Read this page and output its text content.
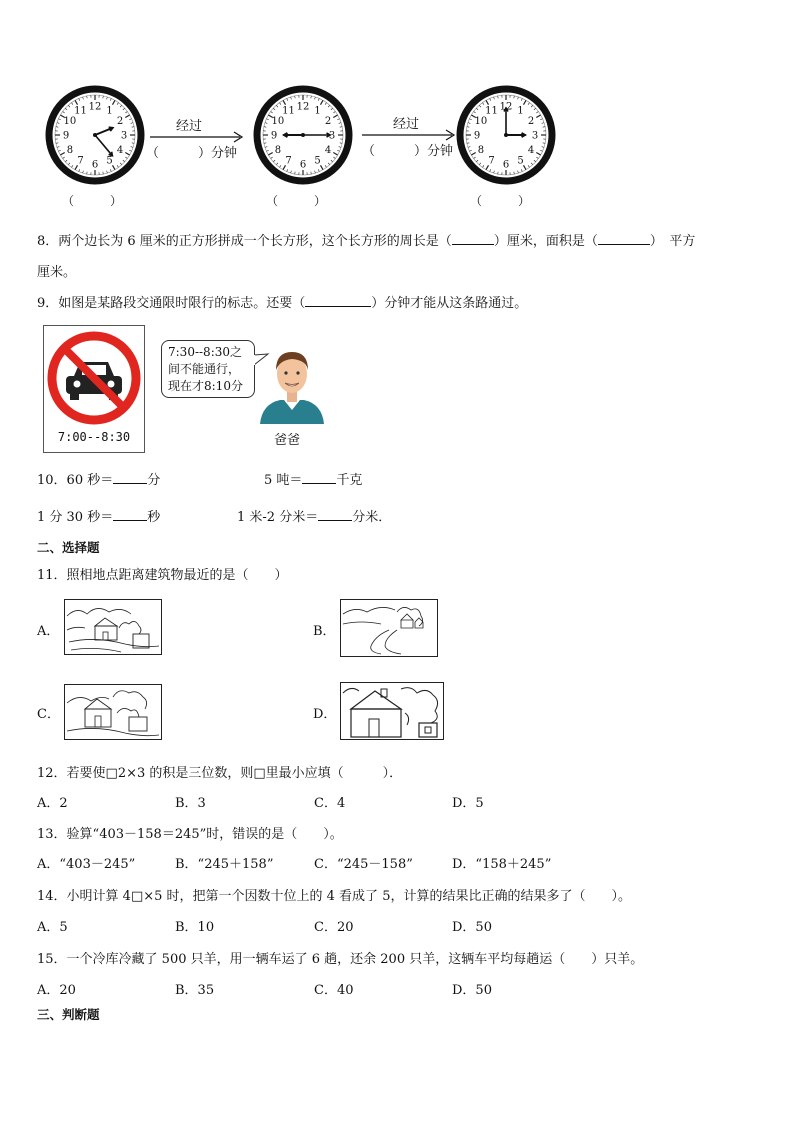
12 1
2
3
4
5
6
7
8
9
10
11	12 1
2
3
4
5
6
7
8
9
10
11	12 1
2
3
4
5
6
7
8
9
10
11
经过
（　　　）分钟
经过
（　　　）分钟
（　　　）	（　　　）	（　　　）
8．两个边长为 6 厘米的正方形拼成一个长方形，这个长方形的周长是（	）厘米，面积是（	）　平方
厘米。
9．如图是某路段交通限时限行的标志。还要（	）分钟才能从这条路通过。
7:00--8:30
7:30--8:30之
间不能通行，
现在才8:10分
爸爸
10．60 秒＝	分	5 吨＝	千克
1 分 30 秒＝	秒	1 米-2 分米＝	分米．
二、选择题
11．照相地点距离建筑物最近的是（　　）
A．	B．
C．	D．
12．若要使□2×3 的积是三位数，则□里最小应填（　　　）．
A．2	B．3	C．4	D．5
13．验算“403－158＝245”时，错误的是（　　）。
A．“403－245”	B．“245＋158”	C．“245－158”	D．“158＋245”
14．小明计算 4□×5 时，把第一个因数十位上的 4 看成了 5，计算的结果比正确的结果多了（　　）。
A．5	B．10	C．20	D．50
15．一个冷库冷藏了 500 只羊，用一辆车运了 6 趟，还余 200 只羊，这辆车平均每趟运（　　）只羊。
A．20	B．35	C．40	D．50
三、判断题
